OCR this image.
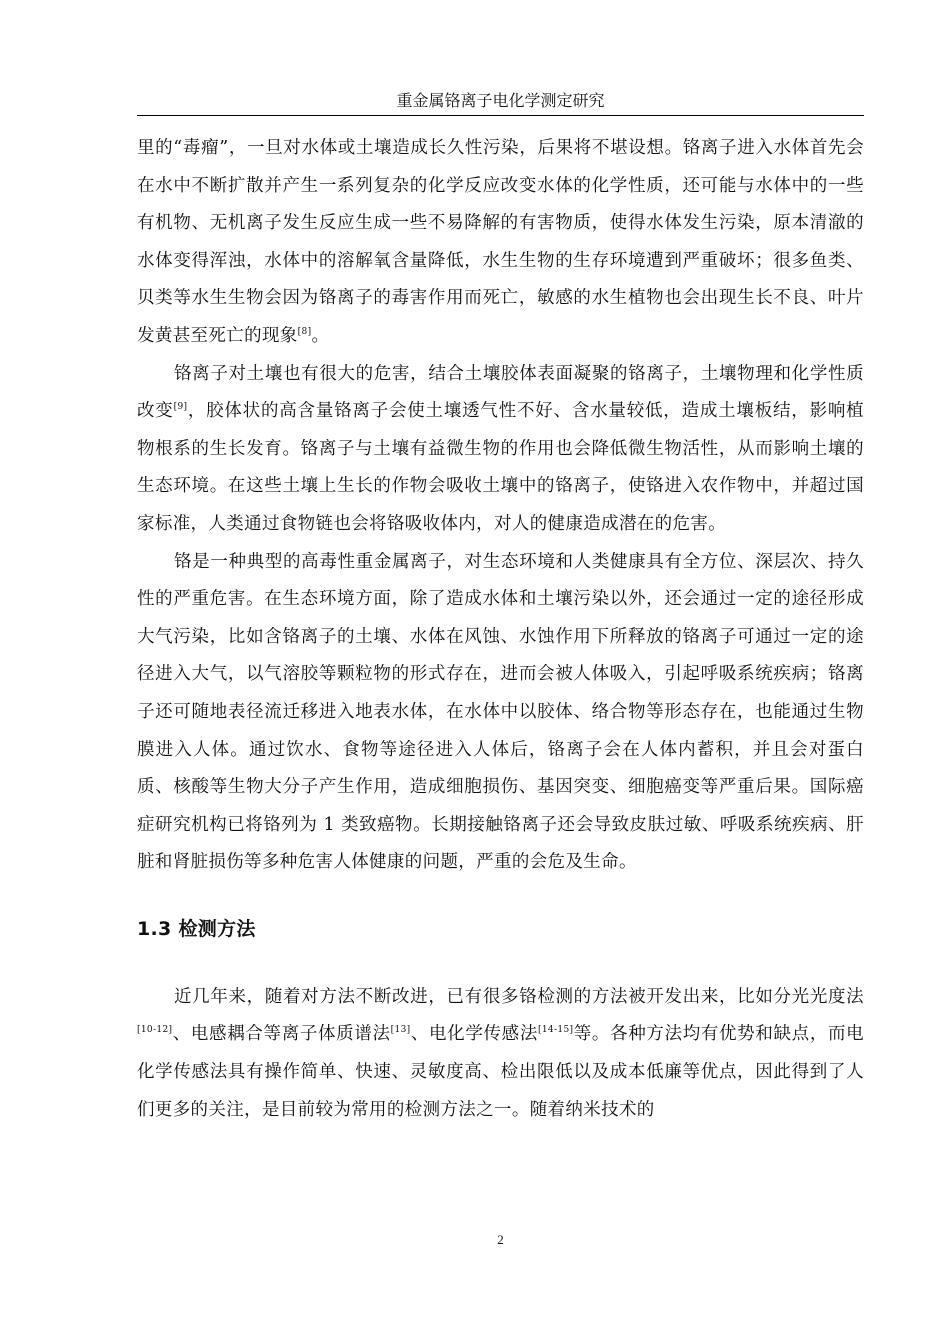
重金属铬离子电化学测定研究

里的“毒瘤”，一旦对水体或土壤造成长久性污染，后果将不堪设想。铬离子进入水体首先会在水中不断扩散并产生一系列复杂的化学反应改变水体的化学性质，还可能与水体中的一些有机物、无机离子发生反应生成一些不易降解的有害物质，使得水体发生污染，原本清澈的水体变得浑浊，水体中的溶解氧含量降低，水生生物的生存环境遭到严重破坏；很多鱼类、贝类等水生生物会因为铬离子的毒害作用而死亡，敏感的水生植物也会出现生长不良、叶片发黄甚至死亡的现象[8]。

铬离子对土壤也有很大的危害，结合土壤胶体表面凝聚的铬离子，土壤物理和化学性质改变[9]，胶体状的高含量铬离子会使土壤透气性不好、含水量较低，造成土壤板结，影响植物根系的生长发育。铬离子与土壤有益微生物的作用也会降低微生物活性，从而影响土壤的生态环境。在这些土壤上生长的作物会吸收土壤中的铬离子，使铬进入农作物中，并超过国家标准，人类通过食物链也会将铬吸收体内，对人的健康造成潜在的危害。

铬是一种典型的高毒性重金属离子，对生态环境和人类健康具有全方位、深层次、持久性的严重危害。在生态环境方面，除了造成水体和土壤污染以外，还会通过一定的途径形成大气污染，比如含铬离子的土壤、水体在风蚀、水蚀作用下所释放的铬离子可通过一定的途径进入大气，以气溶胶等颗粒物的形式存在，进而会被人体吸入，引起呼吸系统疾病；铬离子还可随地表径流迁移进入地表水体，在水体中以胶体、络合物等形态存在，也能通过生物膜进入人体。通过饮水、食物等途径进入人体后，铬离子会在人体内蓄积，并且会对蛋白质、核酸等生物大分子产生作用，造成细胞损伤、基因突变、细胞癌变等严重后果。国际癌症研究机构已将铬列为 1 类致癌物。长期接触铬离子还会导致皮肤过敏、呼吸系统疾病、肝脏和肾脏损伤等多种危害人体健康的问题，严重的会危及生命。

1.3 检测方法

近几年来，随着对方法不断改进，已有很多铬检测的方法被开发出来，比如分光光度法[10-12]、电感耦合等离子体质谱法[13]、电化学传感法[14-15]等。各种方法均有优势和缺点，而电化学传感法具有操作简单、快速、灵敏度高、检出限低以及成本低廉等优点，因此得到了人们更多的关注，是目前较为常用的检测方法之一。随着纳米技术的

2
